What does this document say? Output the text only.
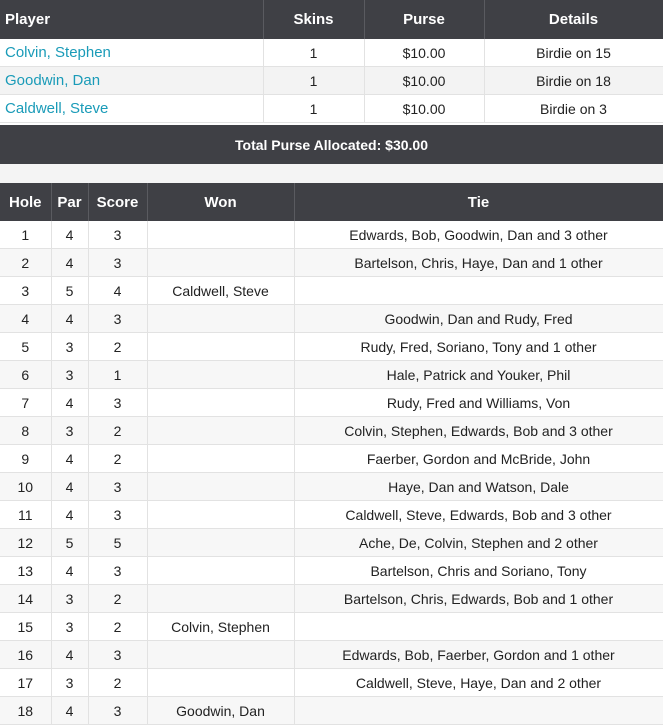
Player	Skins	Purse	Details
Colvin, Stephen	1	$10.00	Birdie on 15
Goodwin, Dan	1	$10.00	Birdie on 18
Caldwell, Steve	1	$10.00	Birdie on 3
Total Purse Allocated: $30.00
Hole	Par	Score	Won	Tie
1	4	3		Edwards, Bob, Goodwin, Dan and 3 other
2	4	3		Bartelson, Chris, Haye, Dan and 1 other
3	5	4	Caldwell, Steve	
4	4	3		Goodwin, Dan and Rudy, Fred
5	3	2		Rudy, Fred, Soriano, Tony and 1 other
6	3	1		Hale, Patrick and Youker, Phil
7	4	3		Rudy, Fred and Williams, Von
8	3	2		Colvin, Stephen, Edwards, Bob and 3 other
9	4	2		Faerber, Gordon and McBride, John
10	4	3		Haye, Dan and Watson, Dale
11	4	3		Caldwell, Steve, Edwards, Bob and 3 other
12	5	5		Ache, De, Colvin, Stephen and 2 other
13	4	3		Bartelson, Chris and Soriano, Tony
14	3	2		Bartelson, Chris, Edwards, Bob and 1 other
15	3	2	Colvin, Stephen	
16	4	3		Edwards, Bob, Faerber, Gordon and 1 other
17	3	2		Caldwell, Steve, Haye, Dan and 2 other
18	4	3	Goodwin, Dan	
